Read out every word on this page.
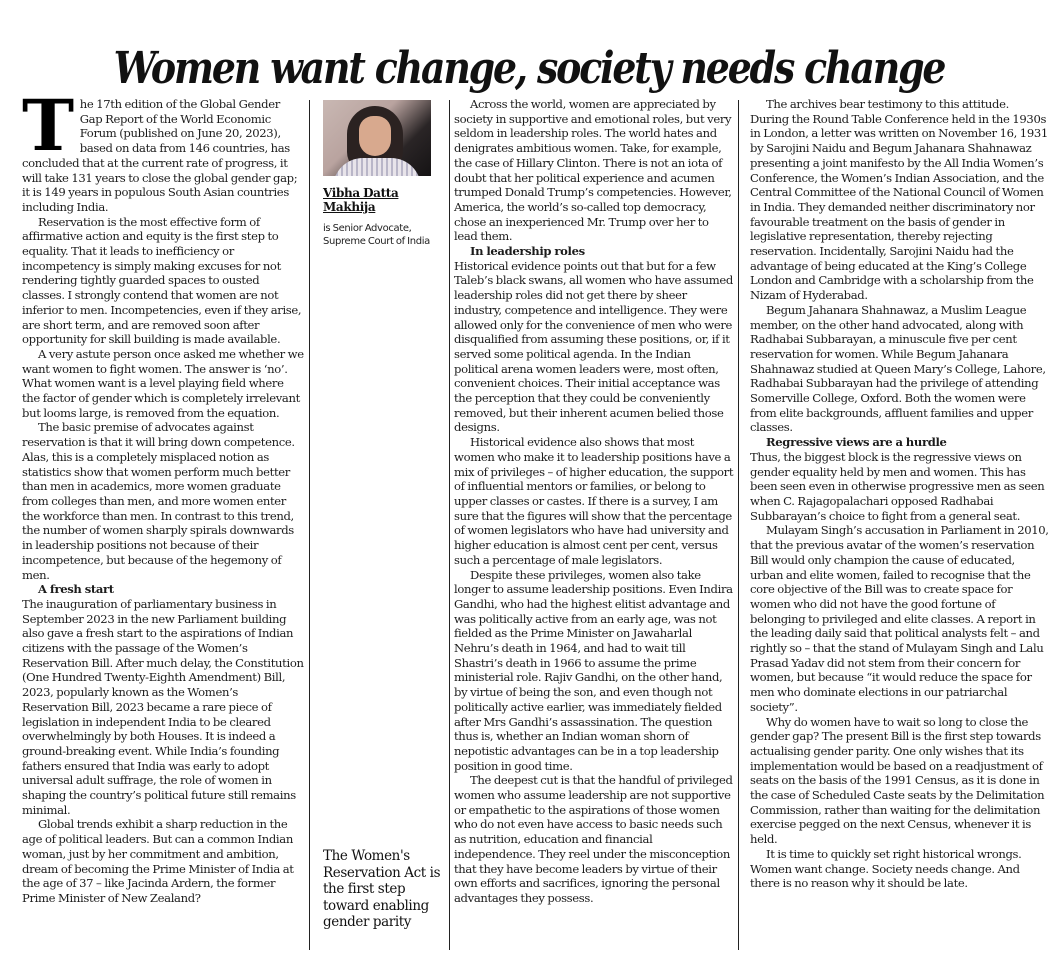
Women want change, society needs change

The 17th edition of the Global Gender Gap Report of the World Economic Forum (published on June 20, 2023), based on data from 146 countries, has concluded that at the current rate of progress, it will take 131 years to close the global gender gap; it is 149 years in populous South Asian countries including India.

Reservation is the most effective form of affirmative action and equity is the first step to equality. That it leads to inefficiency or incompetency is simply making excuses for not rendering tightly guarded spaces to ousted classes. I strongly contend that women are not inferior to men. Incompetencies, even if they arise, are short term, and are removed soon after opportunity for skill building is made available.

A very astute person once asked me whether we want women to fight women. The answer is ‘no’. What women want is a level playing field where the factor of gender which is completely irrelevant but looms large, is removed from the equation.

The basic premise of advocates against reservation is that it will bring down competence. Alas, this is a completely misplaced notion as statistics show that women perform much better than men in academics, more women graduate from colleges than men, and more women enter the workforce than men. In contrast to this trend, the number of women sharply spirals downwards in leadership positions not because of their incompetence, but because of the hegemony of men.

A fresh start

The inauguration of parliamentary business in September 2023 in the new Parliament building also gave a fresh start to the aspirations of Indian citizens with the passage of the Women’s Reservation Bill. After much delay, the Constitution (One Hundred Twenty-Eighth Amendment) Bill, 2023, popularly known as the Women’s Reservation Bill, 2023 became a rare piece of legislation in independent India to be cleared overwhelmingly by both Houses. It is indeed a ground-breaking event. While India’s founding fathers ensured that India was early to adopt universal adult suffrage, the role of women in shaping the country’s political future still remains minimal.

Global trends exhibit a sharp reduction in the age of political leaders. But can a common Indian woman, just by her commitment and ambition, dream of becoming the Prime Minister of India at the age of 37 – like Jacinda Ardern, the former Prime Minister of New Zealand?

Vibha Datta Makhija
is Senior Advocate, Supreme Court of India
The Women's Reservation Act is the first step toward enabling gender parity

Across the world, women are appreciated by society in supportive and emotional roles, but very seldom in leadership roles. The world hates and denigrates ambitious women. Take, for example, the case of Hillary Clinton. There is not an iota of doubt that her political experience and acumen trumped Donald Trump’s competencies. However, America, the world’s so-called top democracy, chose an inexperienced Mr. Trump over her to lead them.

In leadership roles

Historical evidence points out that but for a few Taleb’s black swans, all women who have assumed leadership roles did not get there by sheer industry, competence and intelligence. They were allowed only for the convenience of men who were disqualified from assuming these positions, or, if it served some political agenda. In the Indian political arena women leaders were, most often, convenient choices. Their initial acceptance was the perception that they could be conveniently removed, but their inherent acumen belied those designs.

Historical evidence also shows that most women who make it to leadership positions have a mix of privileges – of higher education, the support of influential mentors or families, or belong to upper classes or castes. If there is a survey, I am sure that the figures will show that the percentage of women legislators who have had university and higher education is almost cent per cent, versus such a percentage of male legislators.

Despite these privileges, women also take longer to assume leadership positions. Even Indira Gandhi, who had the highest elitist advantage and was politically active from an early age, was not fielded as the Prime Minister on Jawaharlal Nehru’s death in 1964, and had to wait till Shastri’s death in 1966 to assume the prime ministerial role. Rajiv Gandhi, on the other hand, by virtue of being the son, and even though not politically active earlier, was immediately fielded after Mrs Gandhi’s assassination. The question thus is, whether an Indian woman shorn of nepotistic advantages can be in a top leadership position in good time.

The deepest cut is that the handful of privileged women who assume leadership are not supportive or empathetic to the aspirations of those women who do not even have access to basic needs such as nutrition, education and financial independence. They reel under the misconception that they have become leaders by virtue of their own efforts and sacrifices, ignoring the personal advantages they possess.

The archives bear testimony to this attitude. During the Round Table Conference held in the 1930s in London, a letter was written on November 16, 1931 by Sarojini Naidu and Begum Jahanara Shahnawaz presenting a joint manifesto by the All India Women’s Conference, the Women’s Indian Association, and the Central Committee of the National Council of Women in India. They demanded neither discriminatory nor favourable treatment on the basis of gender in legislative representation, thereby rejecting reservation. Incidentally, Sarojini Naidu had the advantage of being educated at the King’s College London and Cambridge with a scholarship from the Nizam of Hyderabad.

Begum Jahanara Shahnawaz, a Muslim League member, on the other hand advocated, along with Radhabai Subbarayan, a minuscule five per cent reservation for women. While Begum Jahanara Shahnawaz studied at Queen Mary’s College, Lahore, Radhabai Subbarayan had the privilege of attending Somerville College, Oxford. Both the women were from elite backgrounds, affluent families and upper classes.

Regressive views are a hurdle

Thus, the biggest block is the regressive views on gender equality held by men and women. This has been seen even in otherwise progressive men as seen when C. Rajagopalachari opposed Radhabai Subbarayan’s choice to fight from a general seat.

Mulayam Singh’s accusation in Parliament in 2010, that the previous avatar of the women’s reservation Bill would only champion the cause of educated, urban and elite women, failed to recognise that the core objective of the Bill was to create space for women who did not have the good fortune of belonging to privileged and elite classes. A report in the leading daily said that political analysts felt – and rightly so – that the stand of Mulayam Singh and Lalu Prasad Yadav did not stem from their concern for women, but because “it would reduce the space for men who dominate elections in our patriarchal society”.

Why do women have to wait so long to close the gender gap? The present Bill is the first step towards actualising gender parity. One only wishes that its implementation would be based on a readjustment of seats on the basis of the 1991 Census, as it is done in the case of Scheduled Caste seats by the Delimitation Commission, rather than waiting for the delimitation exercise pegged on the next Census, whenever it is held.

It is time to quickly set right historical wrongs. Women want change. Society needs change. And there is no reason why it should be late.
